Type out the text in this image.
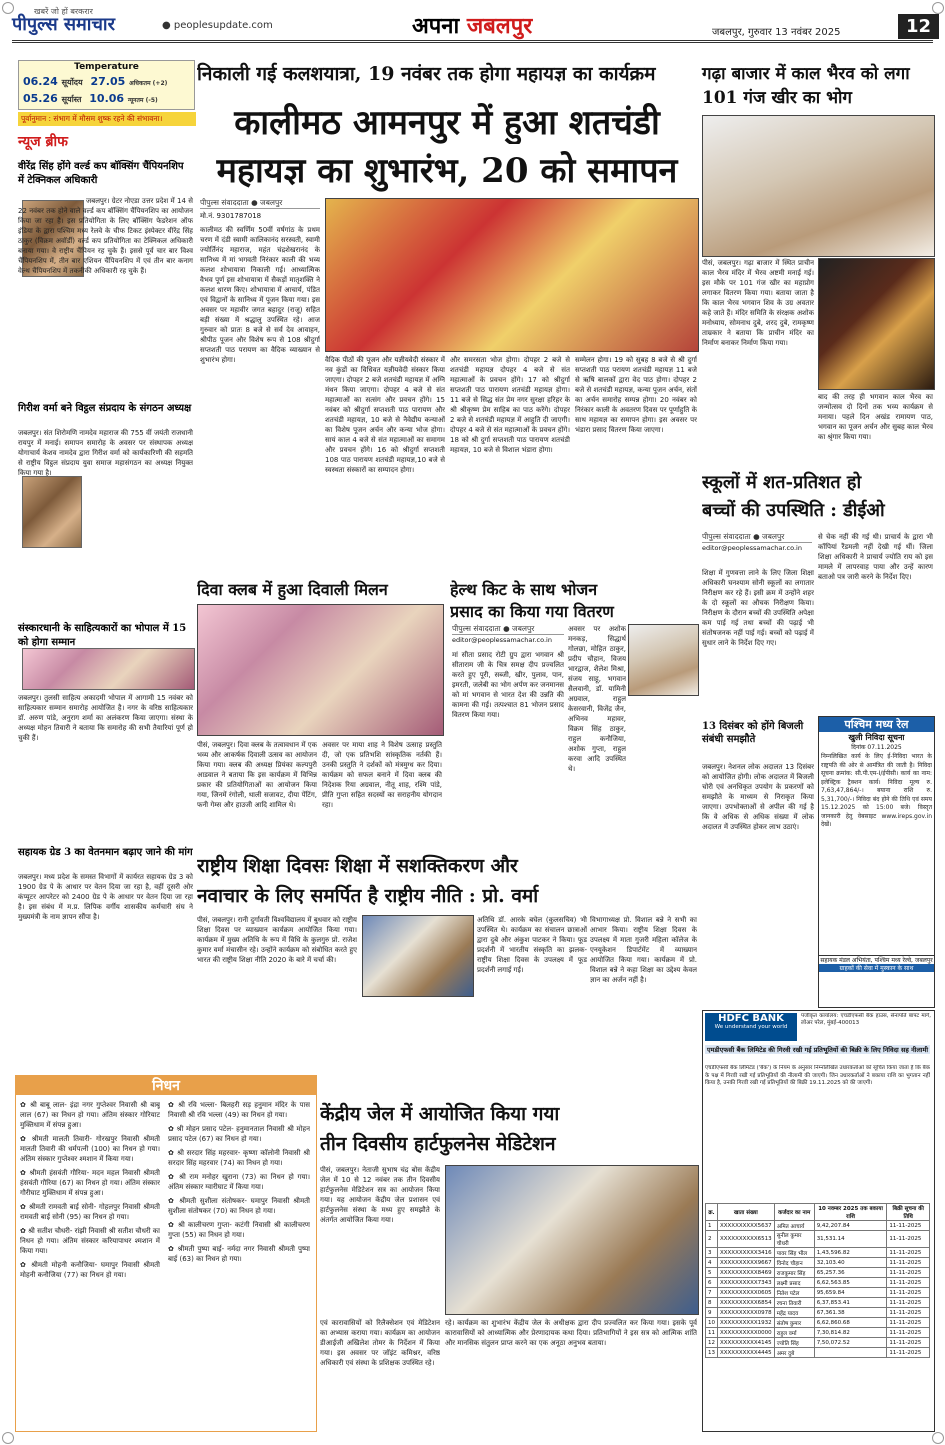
खबरें जो हों बरकरार
पीपुल्स समाचार	● peoplesupdate.com	अपना जबलपुर	जबलपुर, गुरुवार 13 नवंबर 2025	12
Temperature
06.24 सूर्योदय 27.05 अधिकतम (+2)
05.26 सूर्यास्त 10.06 न्यूनतम (-5)
पूर्वानुमान : संभाग में मौसम शुष्क रहने की संभावना।
न्यूज ब्रीफ
वीरेंद्र सिंह होंगे वर्ल्ड कप बॉक्सिंग चैंपियनशिप में टेक्निकल अधिकारी
जबलपुर। ग्रेटर नोएडा उत्तर प्रदेश में 14 से 22 नवंबर तक होने वाले वर्ल्ड कप बॉक्सिंग चैंपियनशिप का आयोजन किया जा रहा है। इस प्रतियोगिता के लिए बॉक्सिंग फेडरेशन ऑफ इंडिया के द्वारा पश्चिम मध्य रेलवे के चीफ टिकट इंस्पेक्टर वीरेंद्र सिंह ठाकुर (विक्रम अवॉर्डी) वर्ल्ड कप प्रतियोगिता का टेक्निकल अधिकारी बनाया गया। वे राष्ट्रीय चैंपियन रह चुके हैं। इससे पूर्व चार बार विश्व चैंपियनशिप में, तीन बार एशियन चैंपियनशिप में एवं तीन बार कनाग वेल्थ चैंपियनशिप में तकनीकी अधिकारी रह चुके हैं।
गिरीश वर्मा बने विट्ठल संप्रदाय के संगठन अध्यक्ष
जबलपुर। संत शिरोमणि नामदेव महाराज की 755 वीं जयंती राजधानी रायपुर में मनाई। समापन समारोह के अवसर पर संस्थापक अध्यक्ष योगाचार्य केशव नामदेव द्वारा गिरीश वर्मा को कार्यकारिणी की सहमति से राष्ट्रीय विट्ठल संप्रदाय युवा समाज महासंगठन का अध्यक्ष नियुक्त किया गया है।
संस्कारधानी के साहित्यकारों का भोपाल में 15 को होगा सम्मान
जबलपुर। तुलसी साहित्य अकादमी भोपाल में आगामी 15 नवंबर को साहित्यकार सम्मान समारोह आयोजित है। नगर के वरिष्ठ साहित्यकार डॉ. अरुण पांडे, अनुराग शर्मा का अलंकरण किया जाएगा। संस्था के अध्यक्ष मोहन तिवारी ने बताया कि समारोह की सभी तैयारियां पूर्ण हो चुकी हैं।
सहायक ग्रेड 3 का वेतनमान बढ़ाए जाने की मांग
जबलपुर। मध्य प्रदेश के समस्त विभागों में कार्यरत सहायक ग्रेड 3 को 1900 ग्रेड पे के आधार पर वेतन दिया जा रहा है, वहीं दूसरी ओर कंप्यूटर आपरेटर को 2400 ग्रेड पे के आधार पर वेतन दिया जा रहा है। इस संबंध में म.प्र. लिपिक वर्गीय शासकीय कर्मचारी संघ ने मुख्यमंत्री के नाम ज्ञापन सौंपा है।
निकाली गई कलशयात्रा, 19 नवंबर तक होगा महायज्ञ का कार्यक्रम
कालीमठ आमनपुर में हुआ शतचंडी
महायज्ञ का शुभारंभ, 20 को समापन
पीपुल्स संवाददाता ● जबलपुर
मो.नं. 9301787018
कालीमठ की स्वर्णिम 50वीं वर्षगांठ के प्रथम चरण में दंडी स्वामी कालिकानंद सरस्वती, स्वामी ज्योर्तिनंद महाराज, महंत चंद्रशेखरानंद के सानिध्य में मां भगवती निरंकार काली की भव्य कलश शोभायात्रा निकाली गई। आध्यात्मिक वैभव पूर्ण इस शोभायात्रा में सैकड़ों मातृशक्ति ने कलश धारण किए। शोभायात्रा में आचार्य, पंडित एवं विद्वानों के सानिध्य में पूजन किया गया। इस अवसर पर महावीर जगत बहादुर (राजू) सहित बड़ी संख्या में श्रद्धालु उपस्थित रहे। आज गुरुवार को प्रातः 8 बजे से सर्व देव आवाहन, श्रीपीठ पूजन और विशेष रूप से 108 श्रीदुर्गा सप्तशती पाठ परायण का वैदिक व्याख्यान से शुभारंभ होगा।	वैदिक पीठों की पूजन और यज्ञीयवेदी संस्कार में नव कुंडों का विधिवत यज्ञीयवेदी संस्कार किया जाएगा। दोपहर 2 बजे शतचंडी महायज्ञ में अग्नि मंथन किया जाएगा। दोपहर 4 बजे से संत महात्माओं का सत्संग और प्रवचन होंगे। 15 नवंबर को श्रीदुर्गा सप्तशती पाठ पारायण और शतचंडी महायज्ञ, 10 बजे से नैवेद्यीय कन्याओं का विशेष पूजन अर्चन और कन्या भोज होगा। सायं काल 4 बजे से संत महात्माओं का समागम और प्रवचन होंगे। 16 को श्रीदुर्गा सप्तशती 108 पाठ पारायण शतचंडी महायज्ञ,10 बजे से स्वस्थता संस्कारों का सम्पादन होगा।
और समरसता भोज होगा। दोपहर 2 बजे से शतचंडी महायज्ञ दोपहर 4 बजे से संत महात्माओं के प्रवचन होंगे। 17 को श्रीदुर्गा सप्तशती पाठ पारायण शतचंडी महायज्ञ होगा। 11 बजे से सिद्ध संत प्रेम नगर सुरक्षा हरिहर के श्री श्रीकृष्ण प्रेम साहिब का पाठ करेंगे। दोपहर 2 बजे से शतचंडी महायज्ञ में आहुति दी जाएगी। दोपहर 4 बजे से संत महात्माओं के प्रवचन होंगे। 18 को श्री दुर्गा सप्तशती पाठ पारायण शतचंडी महायज्ञ, 10 बजे से विशाल भंडारा होगा।
सम्मेलन होगा। 19 को सुबह 8 बजे से श्री दुर्गा सप्तशती पाठ परायण शतचंडी महायज्ञ 11 बजे से ऋषि बालकों द्वारा वेद पाठ होगा। दोपहर 2 बजे से शतचंडी महायज्ञ, कन्या पूजन अर्चन, संतों का अर्चन समारोह सम्पन्न होगा। 20 नवंबर को निरंकार काली के अवतरण दिवस पर पूर्णाहुति के साथ महायज्ञ का समापन होगा। इस अवसर पर भंडारा प्रसाद वितरण किया जाएगा।
गढ़ा बाजार में काल भैरव को लगा 101 गंज खीर का भोग
पीसं, जबलपुर। गढ़ा बाजार में स्थित प्राचीन काल भैरव मंदिर में भैरव अष्टमी मनाई गई। इस मौके पर 101 गंज खीर का महाप्रोग लगाकर वितरण किया गया। बताया जाता है कि काल भैरव भगवान शिव के उग्र अवतार कहे जाते हैं। मंदिर समिति के संरक्षक अशोक मनोध्याय, सोमनाथ दुबे, शरद दुबे, रामकृष्ण ताम्रकार ने बताया कि प्राचीन मंदिर का निर्माण बनाकर निर्माण किया गया।
बाद की तरह ही भगवान काल भैरव का जन्मोत्सव दो दिनों तक भव्य कार्यक्रम से मनाया। पहले दिन अखंड रामायण पाठ, भगवान का पूजन अर्चन और सुबह काल भैरव का श्रृंगार किया गया।
स्कूलों में शत-प्रतिशत हो
बच्चों की उपस्थिति : डीईओ
पीपुल्स संवाददाता ● जबलपुर
editor@peoplessamachar.co.in
शिक्षा में गुणवत्ता लाने के लिए जिला शिक्षा अधिकारी घनश्याम सोनी स्कूलों का लगातार निरीक्षण कर रहे हैं। इसी क्रम में उन्होंने शहर के दो स्कूलों का औचक निरीक्षण किया। निरीक्षण के दौरान बच्चों की उपस्थिति अपेक्षा कम पाई गई तथा बच्चों की पढ़ाई भी संतोषजनक नहीं पाई गई। बच्चों को पढ़ाई में सुधार लाने के निर्देश दिए गए।
से चेक नहीं की गई थी। प्राचार्य के द्वारा भी कॉपियां रैंडमली नहीं देखी गई थीं। जिला शिक्षा अधिकारी ने प्राचार्य ज्योति राय को इस मामले में लापरवाह पाया और उन्हें कारण बताओ पत्र जारी करने के निर्देश दिए।
13 दिसंबर को होंगे बिजली संबंधी समझौते
जबलपुर। नेशनल लोक अदालत 13 दिसंबर को आयोजित होगी। लोक अदालत में बिजली चोरी एवं अनधिकृत उपयोग के प्रकरणों को समझौते के माध्यम से निराकृत किया जाएगा। उपभोक्ताओं से अपील की गई है कि वे अधिक से अधिक संख्या में लोक अदालत में उपस्थित होकर लाभ उठाएं।
पश्चिम मध्य रेल
खुली निविदा सूचना
दिनांक 07.11.2025
निम्नलिखित कार्य के लिए ई-निविदा भारत के राष्ट्रपति की ओर से आमंत्रित की जाती है। निविदा सूचना क्रमांक: सी.पी.एम-I/ईपीसी। कार्य का नाम: इलेक्ट्रिक ट्रैक्शन कार्य। निविदा मूल्य रु. 7,63,47,864/-। बयाना राशि रु. 5,31,700/-। निविदा बंद होने की तिथि एवं समय 15.12.2025 को 15:00 बजे। विस्तृत जानकारी हेतु वेबसाइट www.ireps.gov.in देखें।
सहायक मंडल अभियंता, पश्चिम मध्य रेल्वे, जबलपुर
ग्राहकों की सेवा में मुस्कान के साथ
HDFC BANK
We understand your world
पंजीकृत कार्यालय: एचडीएफसी बैंक हाउस, सेनापति बापट मार्ग, लोअर परेल, मुंबई-400013
एमडीएफसी बैंक लिमिटेड की गिरवी रखी गई प्रतिभूतियों की बिक्री के लिए निविदा सह नीलामी
एचडीएफसी बैंक लिमिटेड ('बैंक') के नियम के अनुसार निम्नलिखित उधारकर्ताओं को सूचित किया जाता है कि बैंक के पक्ष में गिरवी रखी गई प्रतिभूतियों की नीलामी की जाएगी। जिन उधारकर्ताओं ने बकाया राशि का भुगतान नहीं किया है, उनकी गिरवी रखी गई प्रतिभूतियों की बिक्री 19.11.2025 को की जाएगी।
क्र.	खाता संख्या	कर्जदार का नाम	10 नवम्बर 2025 तक बकाया राशि	बिक्री सूचना की तिथि
1	XXXXXXXXXX5637	अमित आचार्य	9,42,207.84	11-11-2025
2	XXXXXXXXXX6513	सुनील कुमार चौधरी	31,531.14	11-11-2025
3	XXXXXXXXXX3416	पावर सिंह भील	1,43,596.82	11-11-2025
4	XXXXXXXXXX9667	विनोद चौहान	32,103.40	11-11-2025
5	XXXXXXXXXX8469	राजकुमार सिंह	65,257.36	11-11-2025
6	XXXXXXXXXX7343	लक्ष्मी प्रसाद	6,62,563.85	11-11-2025
7	XXXXXXXXXX0605	नितेश पटेल	95,659.84	11-11-2025
8	XXXXXXXXXX6854	रचना तिवारी	6,37,853.41	11-11-2025
9	XXXXXXXXXX0978	महेंद्र यादव	67,361.38	11-11-2025
10	XXXXXXXXXX1932	संतोष कुमार	6,62,860.68	11-11-2025
11	XXXXXXXXXX0000	राहुल वर्मा	7,30,814.82	11-11-2025
12	XXXXXXXXXX4145	ज्योति सिंह	7,50,072.52	11-11-2025
13	XXXXXXXXXX4445	अमर दुबे		11-11-2025
दिवा क्लब में हुआ दिवाली मिलन
पीसं, जबलपुर। दिवा क्लब के तत्वावधान में एक भव्य और आकर्षक दिवाली उत्सव का आयोजन किया गया। क्लब की अध्यक्ष प्रियंका कल्पपुरी आडवाल ने बताया कि इस कार्यक्रम में विभिन्न प्रकार की प्रतियोगिताओं का आयोजन किया गया, जिनमें रंगोली, थाली सजावट, दीया पेंटिंग, फनी गेम्स और हाउजी आदि शामिल थे।
अवसर पर माया शाह ने विशेष उत्साह प्रस्तुति दी, जो एक प्रतिभशि सांस्कृतिक नर्तकी हैं। उनकी प्रस्तुति ने दर्शकों को मंत्रमुग्ध कर दिया। कार्यक्रम को सफल बनाने में दिवा क्लब की निदेशक रिया अग्रवाल, नीतू शाह, रश्मि पांडे, प्रीति गुप्ता सहित सदस्यों का सराहनीय योगदान रहा।
हेल्थ किट के साथ भोजन
प्रसाद का किया गया वितरण
पीपुल्स संवाददाता ● जबलपुर
editor@peoplessamachar.co.in
मां सीता प्रसाद रोटी ग्रुप द्वारा भगवान श्री सीताराम जी के चित्र समक्ष दीप प्रज्वलित करते हुए पूरी, सब्जी, खीर, पुलाव, पान, इमरती, जलेबी का भोग अर्पण कर जनमानस को मां भगवान से भारत देश की उन्नति की कामना की गई। तत्पश्चात 81 भोजन प्रसाद वितरण किया गया।
अवसर पर अशोक मनकड़, सिद्धार्थ गोलछा, मोहित ठाकुर, प्रदीप चौहान, विजय भारद्वाज, शैलेश मिश्रा, संजय साहू, भगवान सैलवानी, डॉ. यामिनी अग्रवाल, राहुल केसरवानी, विजेंद्र जैन, अभिनव महावर, विक्रम सिंह ठाकुर, राहुल कनौजिया, अशोक गुप्ता, राहुल करवा आदि उपस्थित थे।
राष्ट्रीय शिक्षा दिवसः शिक्षा में सशक्तिकरण और
नवाचार के लिए समर्पित है राष्ट्रीय नीति : प्रो. वर्मा
पीसं, जबलपुर। रानी दुर्गावती विश्वविद्यालय में बुधवार को राष्ट्रीय शिक्षा दिवस पर व्याख्यान कार्यक्रम आयोजित किया गया। कार्यक्रम में मुख्य अतिथि के रूप में विधि के कुलगुरु प्रो. राजेश कुमार वर्मा मंचासीन रहे। उन्होंने कार्यक्रम को संबोधित करते हुए भारत की राष्ट्रीय शिक्षा नीति 2020 के बारे में चर्चा की।
अतिथि डॉ. आरके बघेल (कुलसचिव) भी उपस्थित थे। कार्यक्रम का संचालन छात्राओं द्वारा दुबे और अंकुश पाटकर ने किया। फूड प्रदर्शनी में भारतीय संस्कृति का झलक- राष्ट्रीय शिक्षा दिवस के उपलक्ष्य में फूड प्रदर्शनी लगाई गई।
विभागाध्यक्ष प्रो. विशाल बन्ने ने सभी का आभार किया। राष्ट्रीय शिक्षा दिवस के उपलक्ष्य में माता गुजरी महिला कॉलेज के एनयूकेशन डिपार्टमेंट में व्याख्यान आयोजित किया गया। कार्यक्रम में प्रो. विशाल बन्ने ने कहा शिक्षा का उद्देश्य केवल ज्ञान का अर्जन नहीं है।
निधन
✿ श्री बाबू लाल- इंद्रा नगर गुप्तेश्वर निवासी श्री बाबू लाल (67) का निधन हो गया। अंतिम संस्कार गोरियाट मुक्तिधाम में संपन्न हुआ।
✿ श्रीमती मालती तिवारी- गोरखपुर निवासी श्रीमती मालती तिवारी की धर्मपत्नी (100) का निधन हो गया। अंतिम संस्कार गुप्तेश्वर श्मशान में किया गया।
✿ श्रीमती हंसवंती गौरिया- मदन महल निवासी श्रीमती हंसवंती गौरिया (67) का निधन हो गया। अंतिम संस्कार गौरीघाट मुक्तिधाम में संपन्न हुआ।
✿ श्रीमती रामवती बाई सोनी- गोहलपुर निवासी श्रीमती रामवती बाई सोनी (95) का निधन हो गया।
✿ श्री सतीश चौधरी- रांझी निवासी श्री सतीश चौधरी का निधन हो गया। अंतिम संस्कार करियापाथर श्मशान में किया गया।
✿ श्रीमती मोहनी कनौजिया- घमापुर निवासी श्रीमती मोहनी कनौजिया (77) का निधन हो गया।
✿ श्री रवि भल्ला- बिलहरी सड़ हनुमान मंदिर के पास निवासी श्री रवि भल्ला (49) का निधन हो गया।
✿ श्री मोहन प्रसाद पटेल- हनुमानताल निवासी श्री मोहन प्रसाद पटेल (67) का निधन हो गया।
✿ श्री सरदार सिंह महरवार- कृष्णा कॉलोनी निवासी श्री सरदार सिंह महरवार (74) का निधन हो गया।
✿ श्री राम मनोहर खुराना (73) का निधन हो गया। अंतिम संस्कार ग्वारीघाट में किया गया।
✿ श्रीमती सुशीला संतोषकर- घमापुर निवासी श्रीमती सुशीला संतोषकर (70) का निधन हो गया।
✿ श्री कालीचरण गुप्ता- कटंगी निवासी श्री कालीचरण गुप्ता (55) का निधन हो गया।
✿ श्रीमती पुष्पा बाई- नर्मदा नगर निवासी श्रीमती पुष्पा बाई (63) का निधन हो गया।
केंद्रीय जेल में आयोजित किया गया
तीन दिवसीय हार्टफुलनेस मेडिटेशन
पीसं, जबलपुर। नेताजी सुभाष चंद्र बोस केंद्रीय जेल में 10 से 12 नवंबर तक तीन दिवसीय हार्टफुलनेस मेडिटेशन सत्र का आयोजन किया गया। यह आयोजन केंद्रीय जेल प्रशासन एवं हार्टफुलनेस संस्था के मध्य हुए समझौते के अंतर्गत आयोजित किया गया।
एवं कारावासियों को रिलैक्सेशन एवं मेडिटेशन का अभ्यास कराया गया। कार्यक्रम का आयोजन डीआईजी अखिलेश तोमर के निर्देशन में किया गया। इस अवसर पर जॉइंट कमिश्नर, वरिष्ठ अधिकारी एवं संस्था के प्रशिक्षक उपस्थित रहे।
रहे। कार्यक्रम का शुभारंभ केंद्रीय जेल के अधीक्षक द्वारा दीप प्रज्वलित कर किया गया। इसके पूर्व कारावासियों को आध्यात्मिक और प्रेरणादायक कथा दिया। प्रतिभागियों ने इस सत्र को आत्मिक शांति और मानसिक संतुलन प्राप्त करने का एक अनूठा अनुभव बताया।
